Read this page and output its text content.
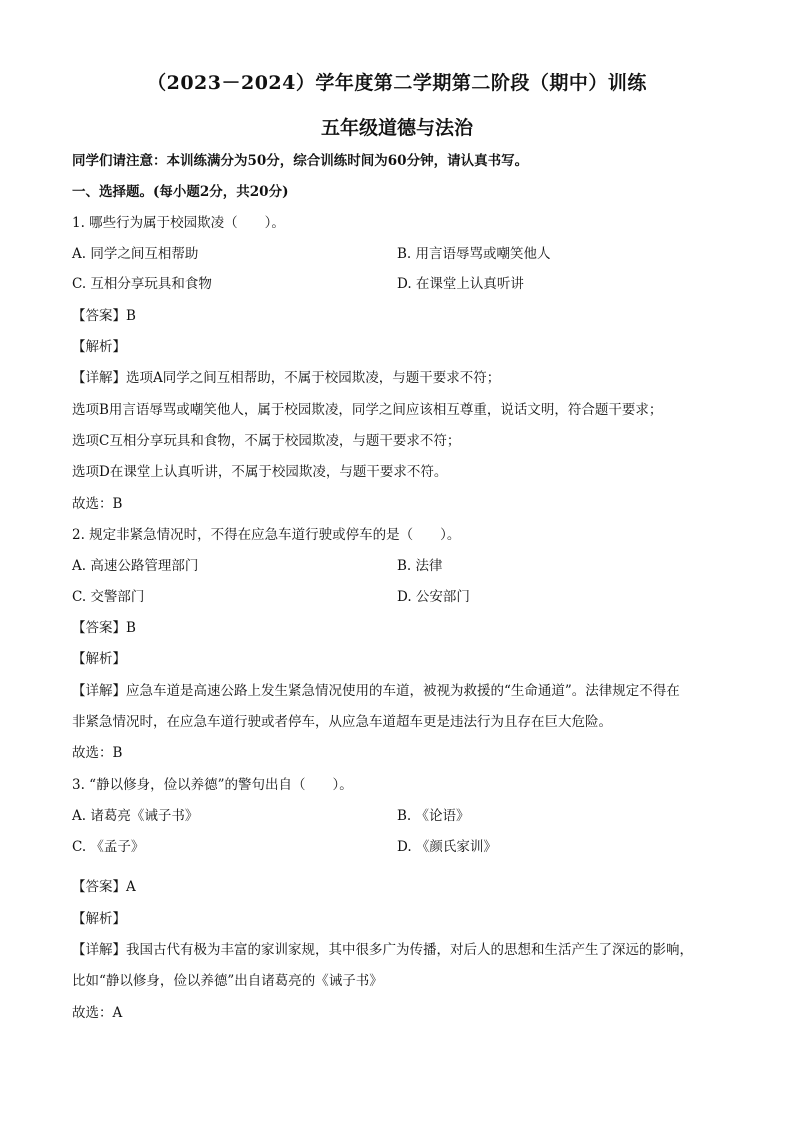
（2023－2024）学年度第二学期第二阶段（期中）训练
五年级道德与法治
同学们请注意：本训练满分为50分，综合训练时间为60分钟，请认真书写。
一、选择题。(每小题2分，共20分)
1. 哪些行为属于校园欺凌（　　）。
A. 同学之间互相帮助	B. 用言语辱骂或嘲笑他人
C. 互相分享玩具和食物	D. 在课堂上认真听讲
【答案】B
【解析】
【详解】选项A同学之间互相帮助，不属于校园欺凌，与题干要求不符；
选项B用言语辱骂或嘲笑他人，属于校园欺凌，同学之间应该相互尊重，说话文明，符合题干要求；
选项C互相分享玩具和食物，不属于校园欺凌，与题干要求不符；
选项D在课堂上认真听讲，不属于校园欺凌，与题干要求不符。
故选：B
2. 规定非紧急情况时，不得在应急车道行驶或停车的是（　　）。
A. 高速公路管理部门	B. 法律
C. 交警部门	D. 公安部门
【答案】B
【解析】
【详解】应急车道是高速公路上发生紧急情况使用的车道，被视为救援的“生命通道”。法律规定不得在
非紧急情况时，在应急车道行驶或者停车，从应急车道超车更是违法行为且存在巨大危险。
故选：B
3. “静以修身，俭以养德”的警句出自（　　）。
A. 诸葛亮《诫子书》	B. 《论语》
C. 《孟子》	D. 《颜氏家训》
【答案】A
【解析】
【详解】我国古代有极为丰富的家训家规，其中很多广为传播，对后人的思想和生活产生了深远的影响，
比如“静以修身，俭以养德”出自诸葛亮的《诫子书》
故选：A
